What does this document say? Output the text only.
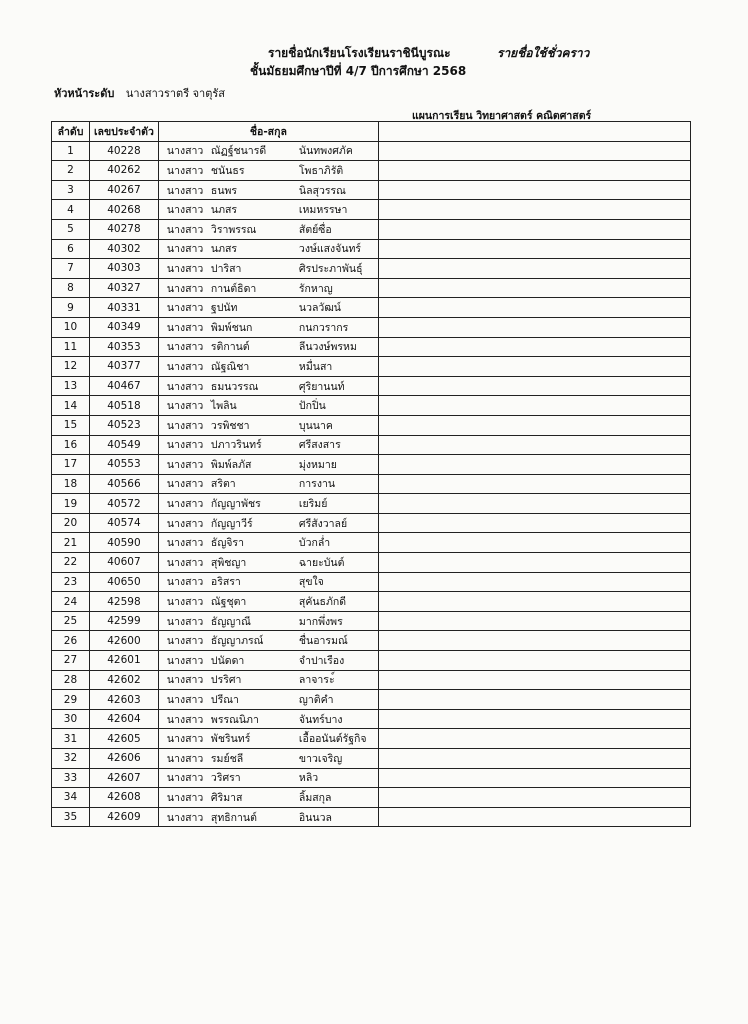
รายชื่อนักเรียนโรงเรียนราชินีบูรณะ	รายชื่อใช้ชั่วคราว
ชั้นมัธยมศึกษาปีที่ 4/7 ปีการศึกษา 2568
หัวหน้าระดับ นางสาวราตรี จาตุรัส
แผนการเรียน วิทยาศาสตร์ คณิตศาสตร์
ลำดับ	เลขประจำตัว	ชื่อ-สกุล	
1	40228	นางสาว ณัฏฐ์ชนารดี นันทพงศภัค	
2	40262	นางสาว ชนันธร โพธาภิรัติ	
3	40267	นางสาว ธนพร นิลสุวรรณ	
4	40268	นางสาว นภสร เหมหรรษา	
5	40278	นางสาว วิราพรรณ สัตย์ซื่อ	
6	40302	นางสาว นภสร วงษ์แสงจันทร์	
7	40303	นางสาว ปาริสา ศิรประภาพันธุ์	
8	40327	นางสาว กานต์ธิดา รักหาญ	
9	40331	นางสาว ฐปนัท นวลวัฒน์	
10	40349	นางสาว พิมพ์ชนก กนกวรากร	
11	40353	นางสาว รติกานต์ ลีนวงษ์พรหม	
12	40377	นางสาว ณัฐณิชา หมื่นสา	
13	40467	นางสาว ธมนวรรณ ศุริยานนท์	
14	40518	นางสาว ไพลิน ปักปิ่น	
15	40523	นางสาว วรพิชชา บุนนาค	
16	40549	นางสาว ปภาวรินทร์ ศรีสงสาร	
17	40553	นางสาว พิมพ์ลภัส มุ่งหมาย	
18	40566	นางสาว สริตา การงาน	
19	40572	นางสาว กัญญาพัชร เยริมย์	
20	40574	นางสาว กัญญาวีร์ ศรีสังวาลย์	
21	40590	นางสาว ธัญจิรา บัวกล่ำ	
22	40607	นางสาว สุพิชญา ฉายะบันต์	
23	40650	นางสาว อริสรา สุขใจ	
24	42598	นางสาว ณัฐชุตา สุคันธภักดี	
25	42599	นางสาว ธัญญาณี มากพึ่งพร	
26	42600	นางสาว ธัญญาภรณ์ ชื่นอารมณ์	
27	42601	นางสาว ปนัดดา จำปาเรือง	
28	42602	นางสาว ปรริศา ลาจาระ์	
29	42603	นางสาว ปรีณา ญาติคำ	
30	42604	นางสาว พรรณนิภา จันทร์บาง	
31	42605	นางสาว พัชรินทร์ เอื้ออนันต์รัฐกิจ	
32	42606	นางสาว รมย์ชลี ขาวเจริญ	
33	42607	นางสาว วริศรา หลิว	
34	42608	นางสาว ศิริมาส ลิ้มสกุล	
35	42609	นางสาว สุทธิกานต์ อินนวล	
